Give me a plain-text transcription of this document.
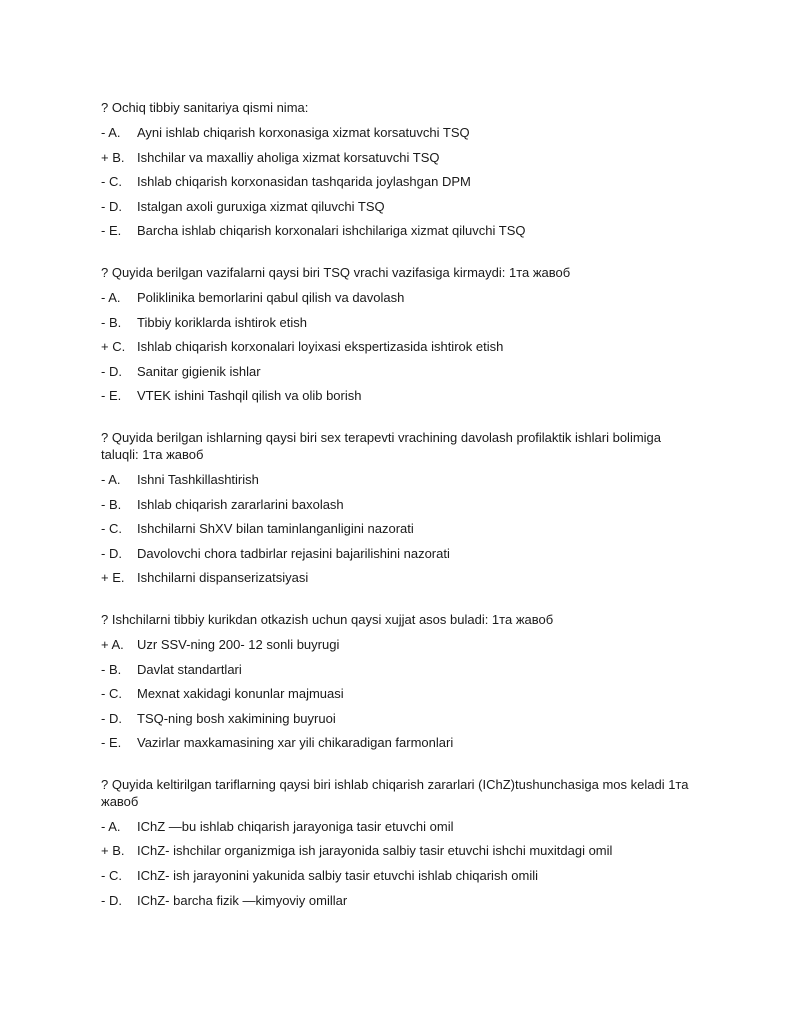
? Ochiq tibbiy sanitariya qismi nima:
- A.	Ayni ishlab chiqarish korxonasiga xizmat korsatuvchi TSQ
+ B. Ishchilar va maxalliy aholiga xizmat korsatuvchi TSQ
- C.	Ishlab chiqarish korxonasidan tashqarida joylashgan DPM
- D.	Istalgan axoli guruxiga xizmat qiluvchi TSQ
- E.	Barcha ishlab chiqarish korxonalari ishchilariga xizmat qiluvchi TSQ
? Quyida berilgan vazifalarni qaysi biri TSQ vrachi vazifasiga kirmaydi: 1та жавоб
- A.	Poliklinika bemorlarini qabul qilish va davolash
- B.	Tibbiy koriklarda ishtirok etish
+ C. Ishlab chiqarish korxonalari loyixasi ekspertizasida ishtirok etish
- D.	Sanitar gigienik ishlar
- E.	VTEK ishini Tashqil qilish va olib borish
? Quyida berilgan ishlarning qaysi biri sex terapevti vrachining davolash profilaktik ishlari bolimiga taluqli: 1та жавоб
- A.	Ishni Tashkillashtirish
- B.	Ishlab chiqarish zararlarini baxolash
- C.	Ishchilarni ShXV bilan taminlanganligini nazorati
- D.	Davolovchi chora tadbirlar rejasini bajarilishini nazorati
+ E. Ishchilarni dispanserizatsiyasi
? Ishchilarni tibbiy kurikdan otkazish uchun qaysi xujjat asos buladi: 1та жавоб
+ A.	Uzr SSV-ning 200- 12 sonli buyrugi
- B.	Davlat standartlari
- C.	Mexnat xakidagi konunlar majmuasi
- D.	TSQ-ning bosh xakimining buyruoi
- E.	Vazirlar maxkamasining xar yili chikaradigan farmonlari
? Quyida keltirilgan tariflarning qaysi biri ishlab chiqarish zararlari (IChZ)tushunchasiga mos keladi 1та жавоб
- A.	IChZ —bu ishlab chiqarish jarayoniga tasir etuvchi omil
+ B. IChZ- ishchilar organizmiga ish jarayonida salbiy tasir etuvchi ishchi muxitdagi omil
- C.	IChZ- ish jarayonini yakunida salbiy tasir etuvchi ishlab chiqarish omili
- D.	IChZ- barcha fizik —kimyoviy omillar
